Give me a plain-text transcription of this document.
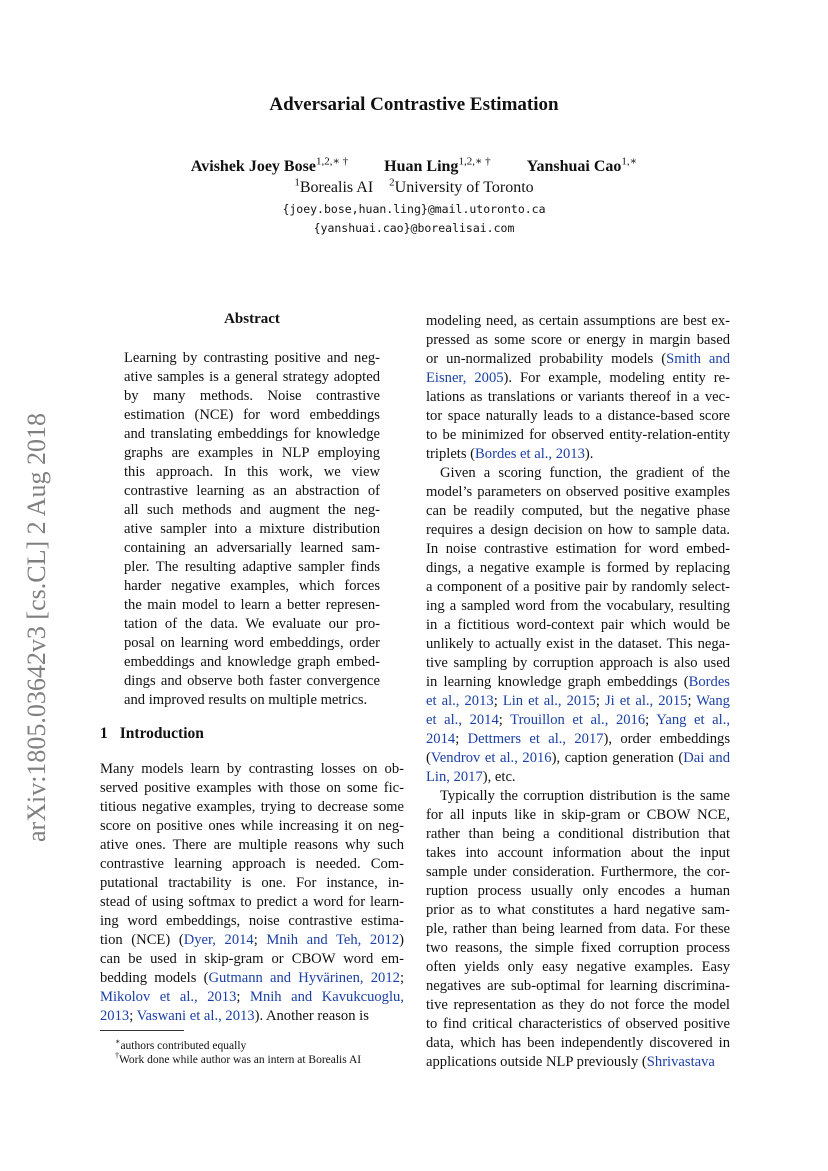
Adversarial Contrastive Estimation
Avishek Joey Bose$^{1,2,∗ \dagger}$ Huan Ling$^{1,2,∗ \dagger}$ Yanshuai Cao$^{1,∗}$
$^1$Borealis AI $^2$University of Toronto
{joey.bose,huan.ling}@mail.utoronto.ca
{yanshuai.cao}@borealisai.com
arXiv:1805.03642v3 [cs.CL] 2 Aug 2018
Abstract
Learning by contrasting positive and neg-
ative samples is a general strategy adopted
by many methods. Noise contrastive
estimation (NCE) for word embeddings
and translating embeddings for knowledge
graphs are examples in NLP employing
this approach. In this work, we view
contrastive learning as an abstraction of
all such methods and augment the neg-
ative sampler into a mixture distribution
containing an adversarially learned sam-
pler. The resulting adaptive sampler finds
harder negative examples, which forces
the main model to learn a better represen-
tation of the data. We evaluate our pro-
posal on learning word embeddings, order
embeddings and knowledge graph embed-
dings and observe both faster convergence
and improved results on multiple metrics.
1 Introduction
Many models learn by contrasting losses on ob-
served positive examples with those on some fic-
titious negative examples, trying to decrease some
score on positive ones while increasing it on neg-
ative ones. There are multiple reasons why such
contrastive learning approach is needed. Com-
putational tractability is one. For instance, in-
stead of using softmax to predict a word for learn-
ing word embeddings, noise contrastive estima-
tion (NCE) (Dyer, 2014; Mnih and Teh, 2012)
can be used in skip-gram or CBOW word em-
bedding models (Gutmann and Hyvärinen, 2012;
Mikolov et al., 2013; Mnih and Kavukcuoglu,
2013; Vaswani et al., 2013). Another reason is
modeling need, as certain assumptions are best ex-
pressed as some score or energy in margin based
or un-normalized probability models (Smith and
Eisner, 2005). For example, modeling entity re-
lations as translations or variants thereof in a vec-
tor space naturally leads to a distance-based score
to be minimized for observed entity-relation-entity
triplets (Bordes et al., 2013).
Given a scoring function, the gradient of the
model’s parameters on observed positive examples
can be readily computed, but the negative phase
requires a design decision on how to sample data.
In noise contrastive estimation for word embed-
dings, a negative example is formed by replacing
a component of a positive pair by randomly select-
ing a sampled word from the vocabulary, resulting
in a fictitious word-context pair which would be
unlikely to actually exist in the dataset. This nega-
tive sampling by corruption approach is also used
in learning knowledge graph embeddings (Bordes
et al., 2013; Lin et al., 2015; Ji et al., 2015; Wang
et al., 2014; Trouillon et al., 2016; Yang et al.,
2014; Dettmers et al., 2017), order embeddings
(Vendrov et al., 2016), caption generation (Dai and
Lin, 2017), etc.
Typically the corruption distribution is the same
for all inputs like in skip-gram or CBOW NCE,
rather than being a conditional distribution that
takes into account information about the input
sample under consideration. Furthermore, the cor-
ruption process usually only encodes a human
prior as to what constitutes a hard negative sam-
ple, rather than being learned from data. For these
two reasons, the simple fixed corruption process
often yields only easy negative examples. Easy
negatives are sub-optimal for learning discrimina-
tive representation as they do not force the model
to find critical characteristics of observed positive
data, which has been independently discovered in
applications outside NLP previously (Shrivastava
∗authors contributed equally
†Work done while author was an intern at Borealis AI
